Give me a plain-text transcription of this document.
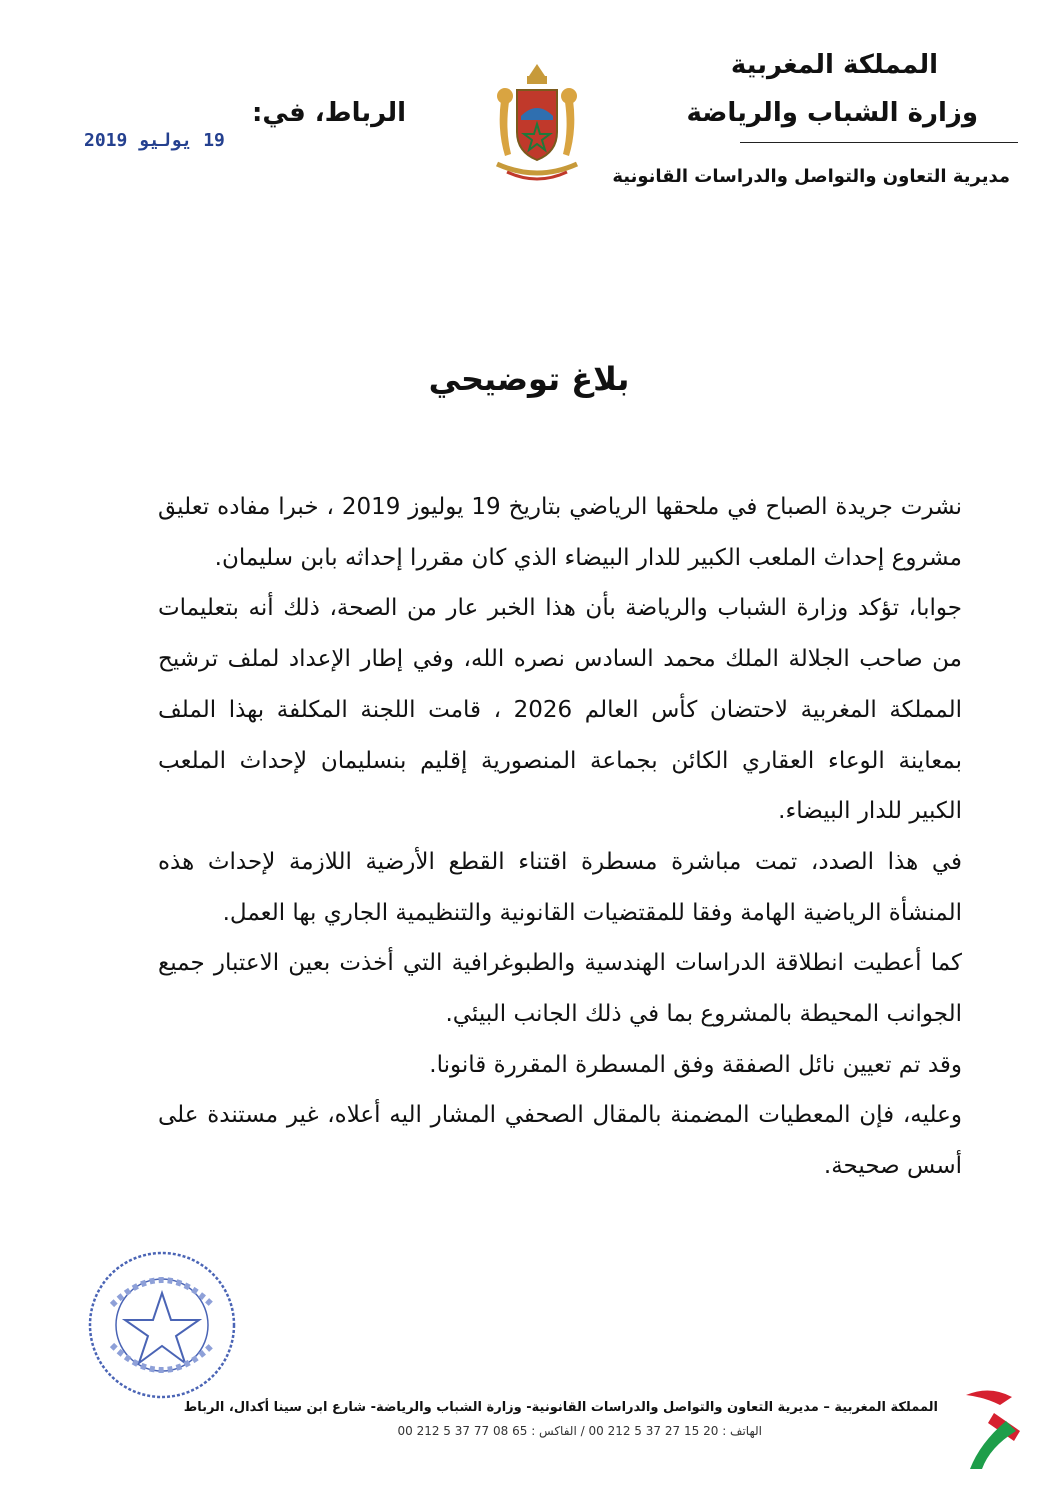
المملكة المغربية
وزارة الشباب والرياضة
مديرية التعاون والتواصل والدراسات القانونية
الرباط، في:
19 يوليو 2019
بلاغ توضيحي

نشرت جريدة الصباح في ملحقها الرياضي بتاريخ 19 يوليوز 2019 ، خبرا مفاده تعليق مشروع إحداث الملعب الكبير للدار البيضاء الذي كان مقررا إحداثه بابن سليمان.

جوابا، تؤكد وزارة الشباب والرياضة بأن هذا الخبر عار من الصحة، ذلك أنه بتعليمات من صاحب الجلالة الملك محمد السادس نصره الله، وفي إطار الإعداد لملف ترشيح المملكة المغربية لاحتضان كأس العالم 2026 ، قامت اللجنة المكلفة بهذا الملف بمعاينة الوعاء العقاري الكائن بجماعة المنصورية إقليم بنسليمان لإحداث الملعب الكبير للدار البيضاء.

في هذا الصدد، تمت مباشرة مسطرة اقتناء القطع الأرضية اللازمة لإحداث هذه المنشأة الرياضية الهامة وفقا للمقتضيات القانونية والتنظيمية الجاري بها العمل.

كما أعطيت انطلاقة الدراسات الهندسية والطبوغرافية التي أخذت بعين الاعتبار جميع الجوانب المحيطة بالمشروع بما في ذلك الجانب البيئي.

وقد تم تعيين نائل الصفقة وفق المسطرة المقررة قانونا.

وعليه، فإن المعطيات المضمنة بالمقال الصحفي المشار اليه أعلاه، غير مستندة على أسس صحيحة.

المملكة المغربية – مديرية التعاون والتواصل والدراسات القانونية- وزارة الشباب والرياضة- شارع ابن سينا أكدال، الرباط
الهاتف : 20 15 27 37 5 212 00 / الفاكس : 65 08 77 37 5 212 00
